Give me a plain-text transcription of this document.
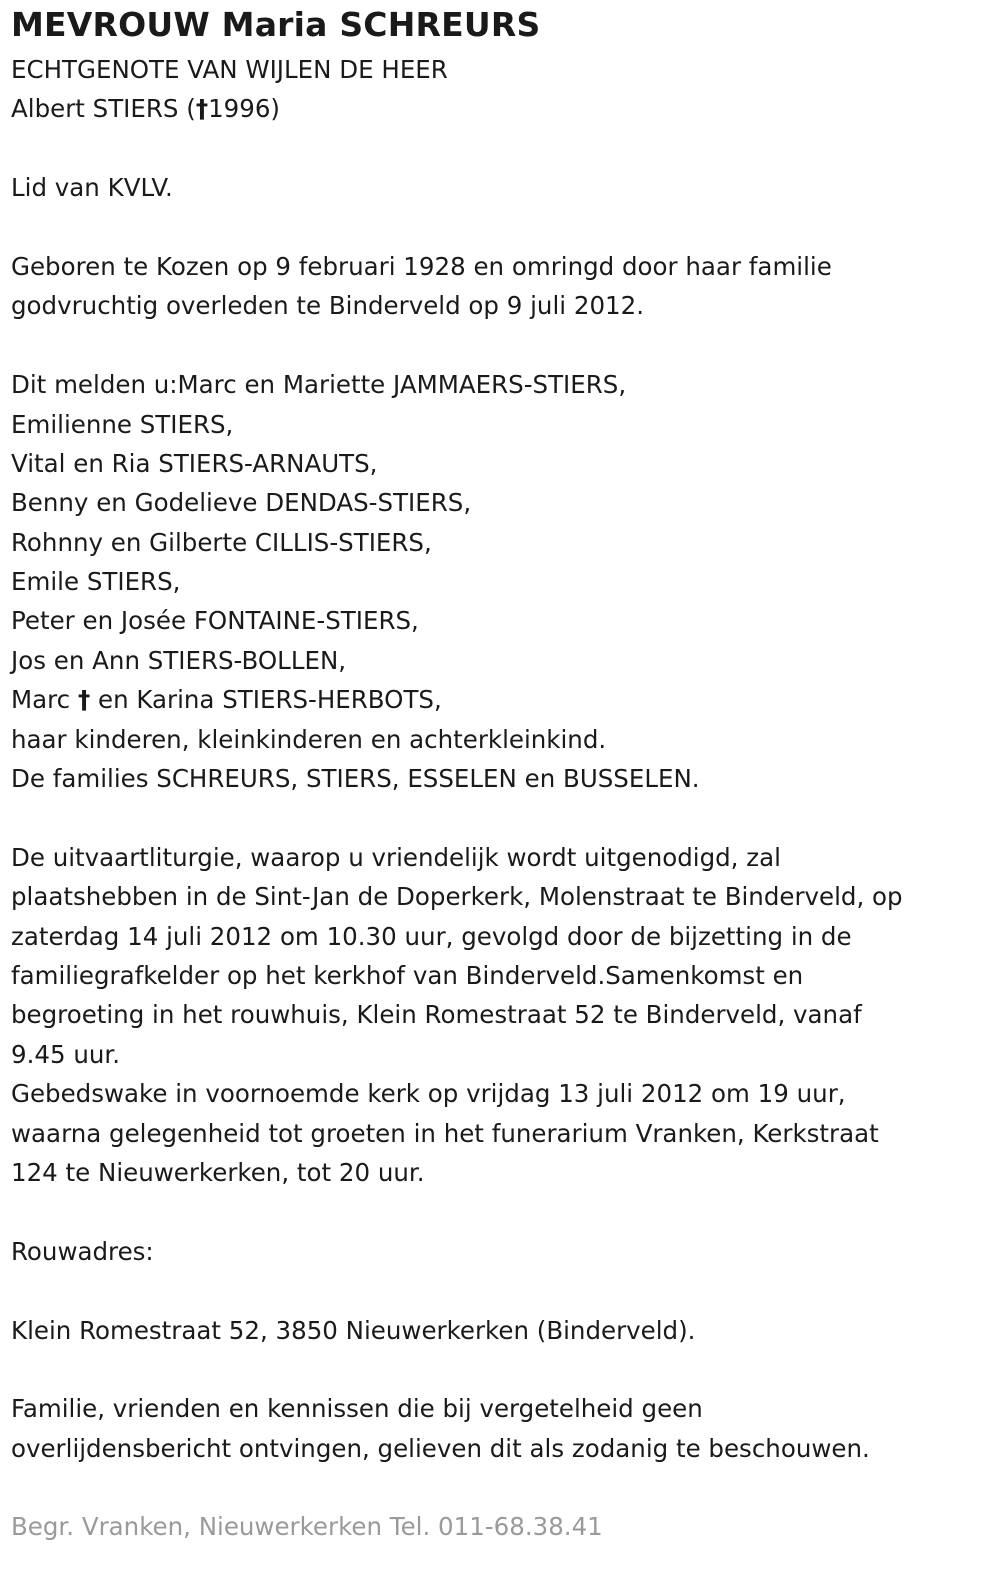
MEVROUW Maria SCHREURS

ECHTGENOTE VAN WIJLEN DE HEER

Albert STIERS (†1996)

Lid van KVLV.

Geboren te Kozen op 9 februari 1928 en omringd door haar familie

godvruchtig overleden te Binderveld op 9 juli 2012.

Dit melden u:Marc en Mariette JAMMAERS-STIERS,

Emilienne STIERS,

Vital en Ria STIERS-ARNAUTS,

Benny en Godelieve DENDAS-STIERS,

Rohnny en Gilberte CILLIS-STIERS,

Emile STIERS,

Peter en Josée FONTAINE-STIERS,

Jos en Ann STIERS-BOLLEN,

Marc † en Karina STIERS-HERBOTS,

haar kinderen, kleinkinderen en achterkleinkind.

De families SCHREURS, STIERS, ESSELEN en BUSSELEN.

De uitvaartliturgie, waarop u vriendelijk wordt uitgenodigd, zal

plaatshebben in de Sint-Jan de Doperkerk, Molenstraat te Binderveld, op

zaterdag 14 juli 2012 om 10.30 uur, gevolgd door de bijzetting in de

familiegrafkelder op het kerkhof van Binderveld.Samenkomst en

begroeting in het rouwhuis, Klein Romestraat 52 te Binderveld, vanaf

9.45 uur.

Gebedswake in voornoemde kerk op vrijdag 13 juli 2012 om 19 uur,

waarna gelegenheid tot groeten in het funerarium Vranken, Kerkstraat

124 te Nieuwerkerken, tot 20 uur.

Rouwadres:

Klein Romestraat 52, 3850 Nieuwerkerken (Binderveld).

Familie, vrienden en kennissen die bij vergetelheid geen

overlijdensbericht ontvingen, gelieven dit als zodanig te beschouwen.

Begr. Vranken, Nieuwerkerken Tel. 011-68.38.41
